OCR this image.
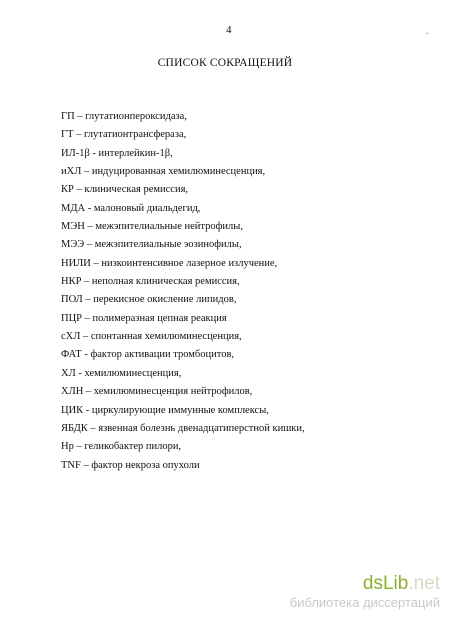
4	.
СПИСОК СОКРАЩЕНИЙ
ГП – глутатионпероксидаза,
ГТ – глутатионтрансфераза,
ИЛ-1β - интерлейкин-1β,
иХЛ – индуцированная хемилюминесценция,
КР – клиническая ремиссия,
МДА - малоновый диальдегид,
МЭН – межэпителиальные нейтрофилы,
МЭЭ – межэпителиальные эозинофилы,
НИЛИ – низкоинтенсивное лазерное излучение,
НКР – неполная клиническая ремиссия,
ПОЛ – перекисное окисление липидов,
ПЦР – полимеразная цепная реакция
сХЛ – спонтанная хемилюминесценция,
ФАТ - фактор активации тромбоцитов,
ХЛ - хемилюминесценция,
ХЛН – хемилюминесценция нейтрофилов,
ЦИК - циркулирующие иммунные комплексы,
ЯБДК – язвенная болезнь двенадцатиперстной кишки,
Нр – геликобактер пилори,
TNF – фактор некроза опухоли
dsLib.net
библиотека диссертаций
